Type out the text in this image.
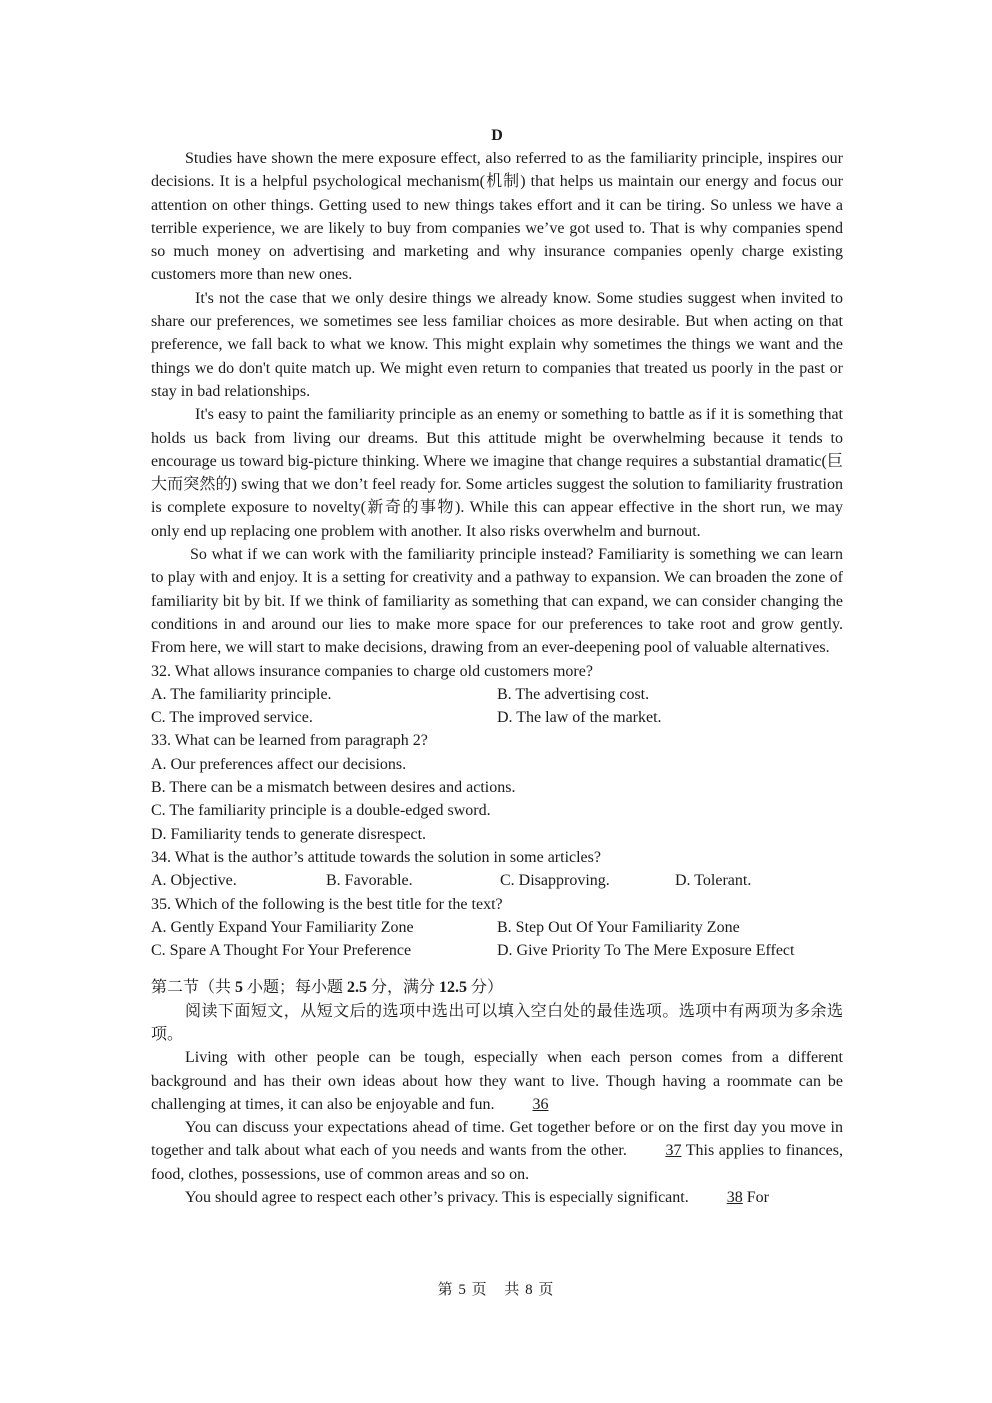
D

Studies have shown the mere exposure effect, also referred to as the familiarity principle, inspires our decisions. It is a helpful psychological mechanism(机制) that helps us maintain our energy and focus our attention on other things. Getting used to new things takes effort and it can be tiring. So unless we have a terrible experience, we are likely to buy from companies we’ve got used to. That is why companies spend so much money on advertising and marketing and why insurance companies openly charge existing customers more than new ones.

It's not the case that we only desire things we already know. Some studies suggest when invited to share our preferences, we sometimes see less familiar choices as more desirable. But when acting on that preference, we fall back to what we know. This might explain why sometimes the things we want and the things we do don't quite match up. We might even return to companies that treated us poorly in the past or stay in bad relationships.

It's easy to paint the familiarity principle as an enemy or something to battle as if it is something that holds us back from living our dreams. But this attitude might be overwhelming because it tends to encourage us toward big-picture thinking. Where we imagine that change requires a substantial dramatic(巨大而突然的) swing that we don’t feel ready for. Some articles suggest the solution to familiarity frustration is complete exposure to novelty(新奇的事物). While this can appear effective in the short run, we may only end up replacing one problem with another. It also risks overwhelm and burnout.

So what if we can work with the familiarity principle instead? Familiarity is something we can learn to play with and enjoy. It is a setting for creativity and a pathway to expansion. We can broaden the zone of familiarity bit by bit. If we think of familiarity as something that can expand, we can consider changing the conditions in and around our lies to make more space for our preferences to take root and grow gently. From here, we will start to make decisions, drawing from an ever-deepening pool of valuable alternatives.

32. What allows insurance companies to charge old customers more?
A. The familiarity principle.	B. The advertising cost.
C. The improved service.	D. The law of the market.
33. What can be learned from paragraph 2?
A. Our preferences affect our decisions.
B. There can be a mismatch between desires and actions.
C. The familiarity principle is a double-edged sword.
D. Familiarity tends to generate disrespect.
34. What is the author’s attitude towards the solution in some articles?
A. Objective.	B. Favorable.	C. Disapproving.	D. Tolerant.
35. Which of the following is the best title for the text?
A. Gently Expand Your Familiarity Zone	B. Step Out Of Your Familiarity Zone
C. Spare A Thought For Your Preference	D. Give Priority To The Mere Exposure Effect
第二节（共 5 小题；每小题 2.5 分，满分 12.5 分）

阅读下面短文，从短文后的选项中选出可以填入空白处的最佳选项。选项中有两项为多余选项。

Living with other people can be tough, especially when each person comes from a different background and has their own ideas about how they want to live. Though having a roommate can be challenging at times, it can also be enjoyable and fun. 36

You can discuss your expectations ahead of time. Get together before or on the first day you move in together and talk about what each of you needs and wants from the other. 37 This applies to finances, food, clothes, possessions, use of common areas and so on.

You should agree to respect each other’s privacy. This is especially significant. 38 For

第 5 页 共 8 页
